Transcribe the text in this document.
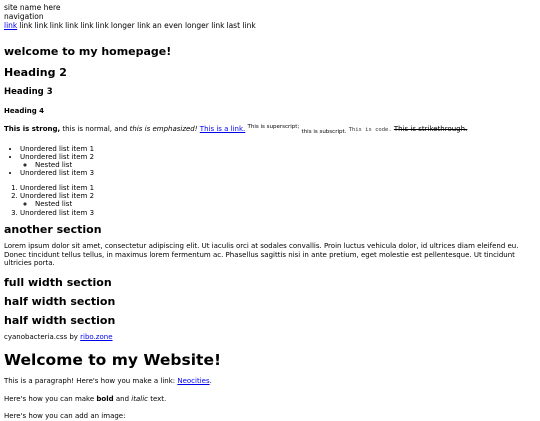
site name here
navigation
link link link link link link link longer link an even longer link last link
welcome to my homepage!
Heading 2
Heading 3
Heading 4

This is strong, this is normal, and this is emphasized! This is a link. $^{This is superscript;}$ $_{this is subscript.}$ This is code. This is strikethrough.

• Unordered list item 1
• Unordered list item 2
◦ Nested list
• Unordered list item 3
1. Unordered list item 1
2. Unordered list item 2
◦ Nested list
3. Unordered list item 3
another section

Lorem ipsum dolor sit amet, consectetur adipiscing elit. Ut iaculis orci at sodales convallis. Proin luctus vehicula dolor, id ultrices diam eleifend eu. Donec tincidunt tellus tellus, in maximus lorem fermentum ac. Phasellus sagittis nisi in ante pretium, eget molestie est pellentesque. Ut tincidunt ultricies porta.

full width section
half width section
half width section

cyanobacteria.css by ribo.zone

Welcome to my Website!

This is a paragraph! Here's how you make a link: Neocities.

Here's how you can make bold and italic text.

Here's how you can add an image:
